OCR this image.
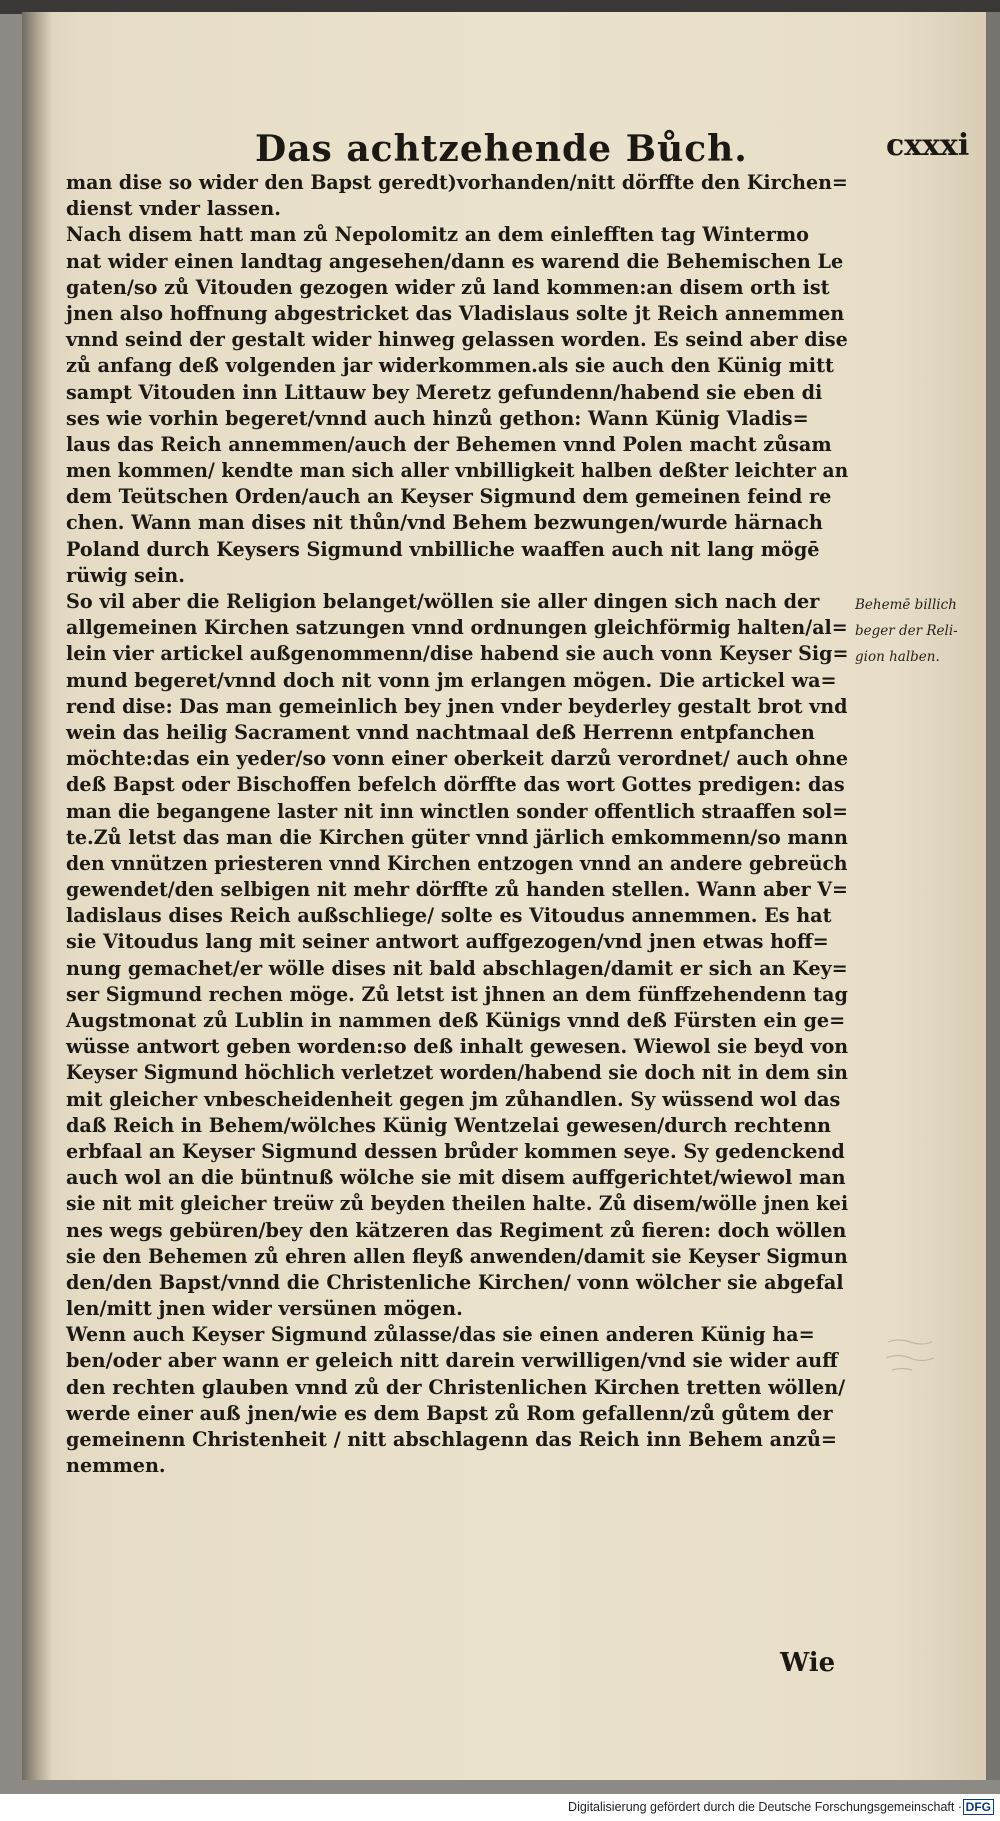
Das achtzehende Bůch.	cxxxi
man dise so wider den Bapst geredt)vorhanden/nitt dörffte den Kirchen=
dienst vnder lassen.
Nach disem hatt man zů Nepolomitz an dem einlefften tag Wintermo
nat wider einen landtag angesehen/dann es warend die Behemischen Le
gaten/so zů Vitouden gezogen wider zů land kommen:an disem orth ist
jnen also hoffnung abgestricket das Vladislaus solte jt Reich annemmen
vnnd seind der gestalt wider hinweg gelassen worden. Es seind aber dise
zů anfang deß volgenden jar widerkommen.als sie auch den Künig mitt
sampt Vitouden inn Littauw bey Meretz gefundenn/habend sie eben di
ses wie vorhin begeret/vnnd auch hinzů gethon: Wann Künig Vladis=
laus das Reich annemmen/auch der Behemen vnnd Polen macht zůsam
men kommen/ kendte man sich aller vnbilligkeit halben deßter leichter an
dem Teütschen Orden/auch an Keyser Sigmund dem gemeinen feind re
chen. Wann man dises nit thůn/vnd Behem bezwungen/wurde härnach
Poland durch Keysers Sigmund vnbilliche waaffen auch nit lang mögē
rüwig sein.
So vil aber die Religion belanget/wöllen sie aller dingen sich nach der
allgemeinen Kirchen satzungen vnnd ordnungen gleichförmig halten/al=
lein vier artickel außgenommenn/dise habend sie auch vonn Keyser Sig=
mund begeret/vnnd doch nit vonn jm erlangen mögen. Die artickel wa=
rend dise: Das man gemeinlich bey jnen vnder beyderley gestalt brot vnd
wein das heilig Sacrament vnnd nachtmaal deß Herrenn entpfanchen
möchte:das ein yeder/so vonn einer oberkeit darzů verordnet/ auch ohne
deß Bapst oder Bischoffen befelch dörffte das wort Gottes predigen: das
man die begangene laster nit inn winctlen sonder offentlich straaffen sol=
te.Zů letst das man die Kirchen güter vnnd järlich emkommenn/so mann
den vnnützen priesteren vnnd Kirchen entzogen vnnd an andere gebreüch
gewendet/den selbigen nit mehr dörffte zů handen stellen. Wann aber V=
ladislaus dises Reich außschliege/ solte es Vitoudus annemmen. Es hat
sie Vitoudus lang mit seiner antwort auffgezogen/vnd jnen etwas hoff=
nung gemachet/er wölle dises nit bald abschlagen/damit er sich an Key=
ser Sigmund rechen möge. Zů letst ist jhnen an dem fünffzehendenn tag
Augstmonat zů Lublin in nammen deß Künigs vnnd deß Fürsten ein ge=
wüsse antwort geben worden:so deß inhalt gewesen. Wiewol sie beyd von
Keyser Sigmund höchlich verletzet worden/habend sie doch nit in dem sin
mit gleicher vnbescheidenheit gegen jm zůhandlen. Sy wüssend wol das
daß Reich in Behem/wölches Künig Wentzelai gewesen/durch rechtenn
erbfaal an Keyser Sigmund dessen brůder kommen seye. Sy gedenckend
auch wol an die büntnuß wölche sie mit disem auffgerichtet/wiewol man
sie nit mit gleicher treüw zů beyden theilen halte. Zů disem/wölle jnen kei
nes wegs gebüren/bey den kätzeren das Regiment zů fieren: doch wöllen
sie den Behemen zů ehren allen fleyß anwenden/damit sie Keyser Sigmun
den/den Bapst/vnnd die Christenliche Kirchen/ vonn wölcher sie abgefal
len/mitt jnen wider versünen mögen.
Wenn auch Keyser Sigmund zůlasse/das sie einen anderen Künig ha=
ben/oder aber wann er geleich nitt darein verwilligen/vnd sie wider auff
den rechten glauben vnnd zů der Christenlichen Kirchen tretten wöllen/
werde einer auß jnen/wie es dem Bapst zů Rom gefallenn/zů gůtem der
gemeinenn Christenheit / nitt abschlagenn das Reich inn Behem anzů=
nemmen.
Behemē billich
beger der Reli-
gion halben.
Wie
Digitalisierung gefördert durch die Deutsche Forschungsgemeinschaft · DFG
